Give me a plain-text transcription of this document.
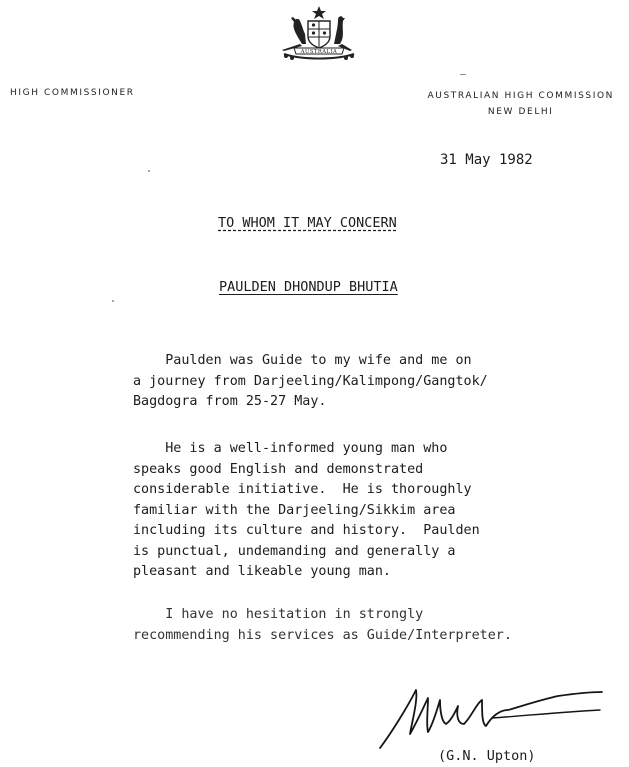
AUSTRALIA
HIGH COMMISSIONER	AUSTRALIAN HIGH COMMISSION
NEW DELHI
31 May 1982
TO WHOM IT MAY CONCERN
PAULDEN DHONDUP BHUTIA
Paulden was Guide to my wife and me on
a journey from Darjeeling/Kalimpong/Gangtok/
Bagdogra from 25-27 May.
He is a well-informed young man who
speaks good English and demonstrated
considerable initiative.  He is thoroughly
familiar with the Darjeeling/Sikkim area
including its culture and history.  Paulden
is punctual, undemanding and generally a
pleasant and likeable young man.
I have no hesitation in strongly
recommending his services as Guide/Interpreter.
(G.N. Upton)
